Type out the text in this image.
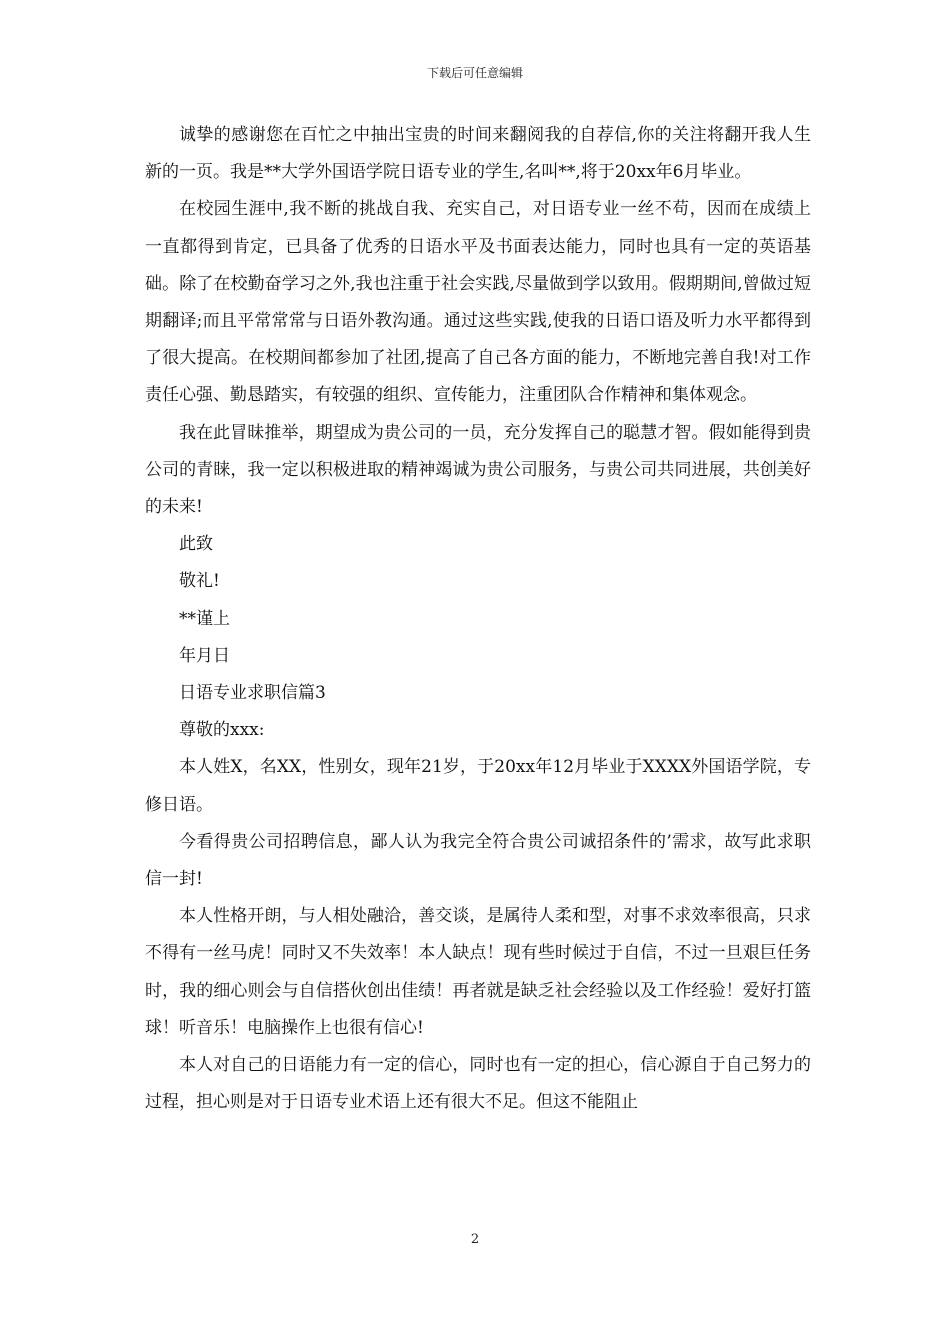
下载后可任意编辑

诚挚的感谢您在百忙之中抽出宝贵的时间来翻阅我的自荐信,你的关注将翻开我人生新的一页。我是**大学外国语学院日语专业的学生,名叫**,将于20xx年6月毕业。

在校园生涯中,我不断的挑战自我、充实自己，对日语专业一丝不苟，因而在成绩上一直都得到肯定，已具备了优秀的日语水平及书面表达能力，同时也具有一定的英语基础。除了在校勤奋学习之外,我也注重于社会实践,尽量做到学以致用。假期期间,曾做过短期翻译;而且平常常常与日语外教沟通。通过这些实践,使我的日语口语及听力水平都得到了很大提高。在校期间都参加了社团,提高了自己各方面的能力，不断地完善自我!对工作责任心强、勤恳踏实，有较强的组织、宣传能力，注重团队合作精神和集体观念。

我在此冒昧推举，期望成为贵公司的一员，充分发挥自己的聪慧才智。假如能得到贵公司的青睐，我一定以积极进取的精神竭诚为贵公司服务，与贵公司共同进展，共创美好的未来!

此致

敬礼!

**谨上

年月日

日语专业求职信篇3

尊敬的xxx:

本人姓X，名XX，性别女，现年21岁，于20xx年12月毕业于XXXX外国语学院，专修日语。

今看得贵公司招聘信息，鄙人认为我完全符合贵公司诚招条件的’需求，故写此求职信一封!

本人性格开朗，与人相处融洽，善交谈，是属待人柔和型，对事不求效率很高，只求不得有一丝马虎！同时又不失效率！本人缺点！现有些时候过于自信，不过一旦艰巨任务时，我的细心则会与自信搭伙创出佳绩！再者就是缺乏社会经验以及工作经验！爱好打篮球！听音乐！电脑操作上也很有信心!

本人对自己的日语能力有一定的信心，同时也有一定的担心，信心源自于自己努力的过程，担心则是对于日语专业术语上还有很大不足。但这不能阻止

2
